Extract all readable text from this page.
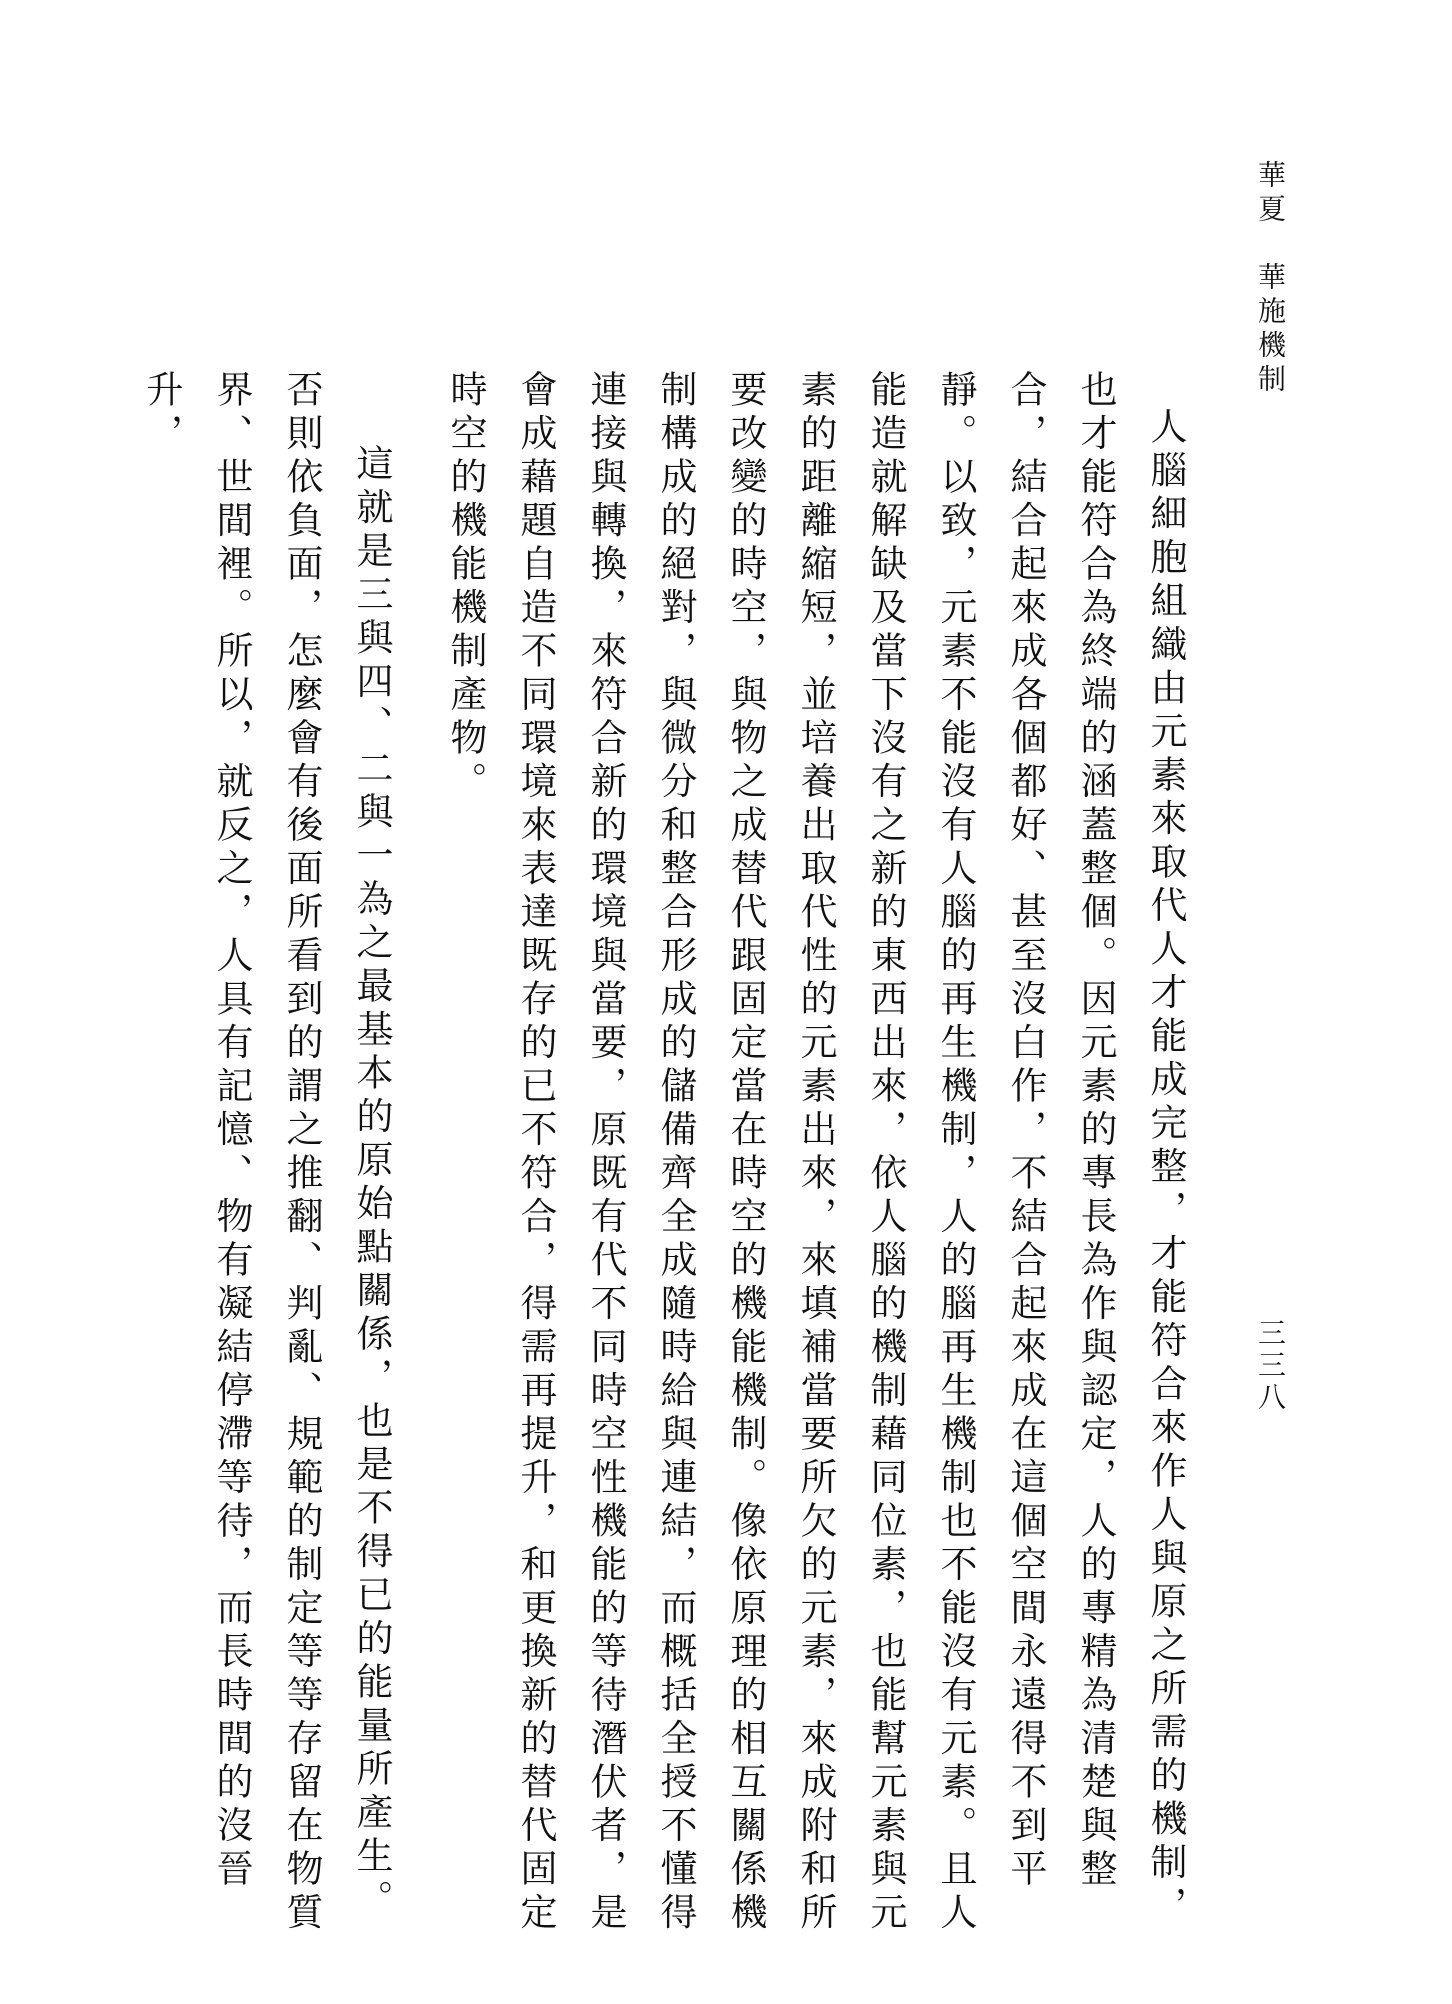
華夏　華施機制
三三八

人腦細胞組織由元素來取代人才能成完整，才能符合來作人與原之所需的機制，也才能符合為終端的涵蓋整個。因元素的專長為作與認定，人的專精為清楚與整合，結合起來成各個都好、甚至沒白作，不結合起來成在這個空間永遠得不到平靜。以致，元素不能沒有人腦的再生機制，人的腦再生機制也不能沒有元素。且人能造就解缺及當下沒有之新的東西出來，依人腦的機制藉同位素，也能幫元素與元素的距離縮短，並培養出取代性的元素出來，來填補當要所欠的元素，來成附和所要改變的時空，與物之成替代跟固定當在時空的機能機制。像依原理的相互關係機制構成的絕對，與微分和整合形成的儲備齊全成隨時給與連結，而概括全授不懂得連接與轉換，來符合新的環境與當要，原既有代不同時空性機能的等待潛伏者，是會成藉題自造不同環境來表達既存的已不符合，得需再提升，和更換新的替代固定時空的機能機制產物。

這就是三與四、二與一為之最基本的原始點關係，也是不得已的能量所產生。否則依負面，怎麼會有後面所看到的謂之推翻、判亂、規範的制定等等存留在物質界、世間裡。所以，就反之，人具有記憶、物有凝結停滯等待，而長時間的沒晉升，
